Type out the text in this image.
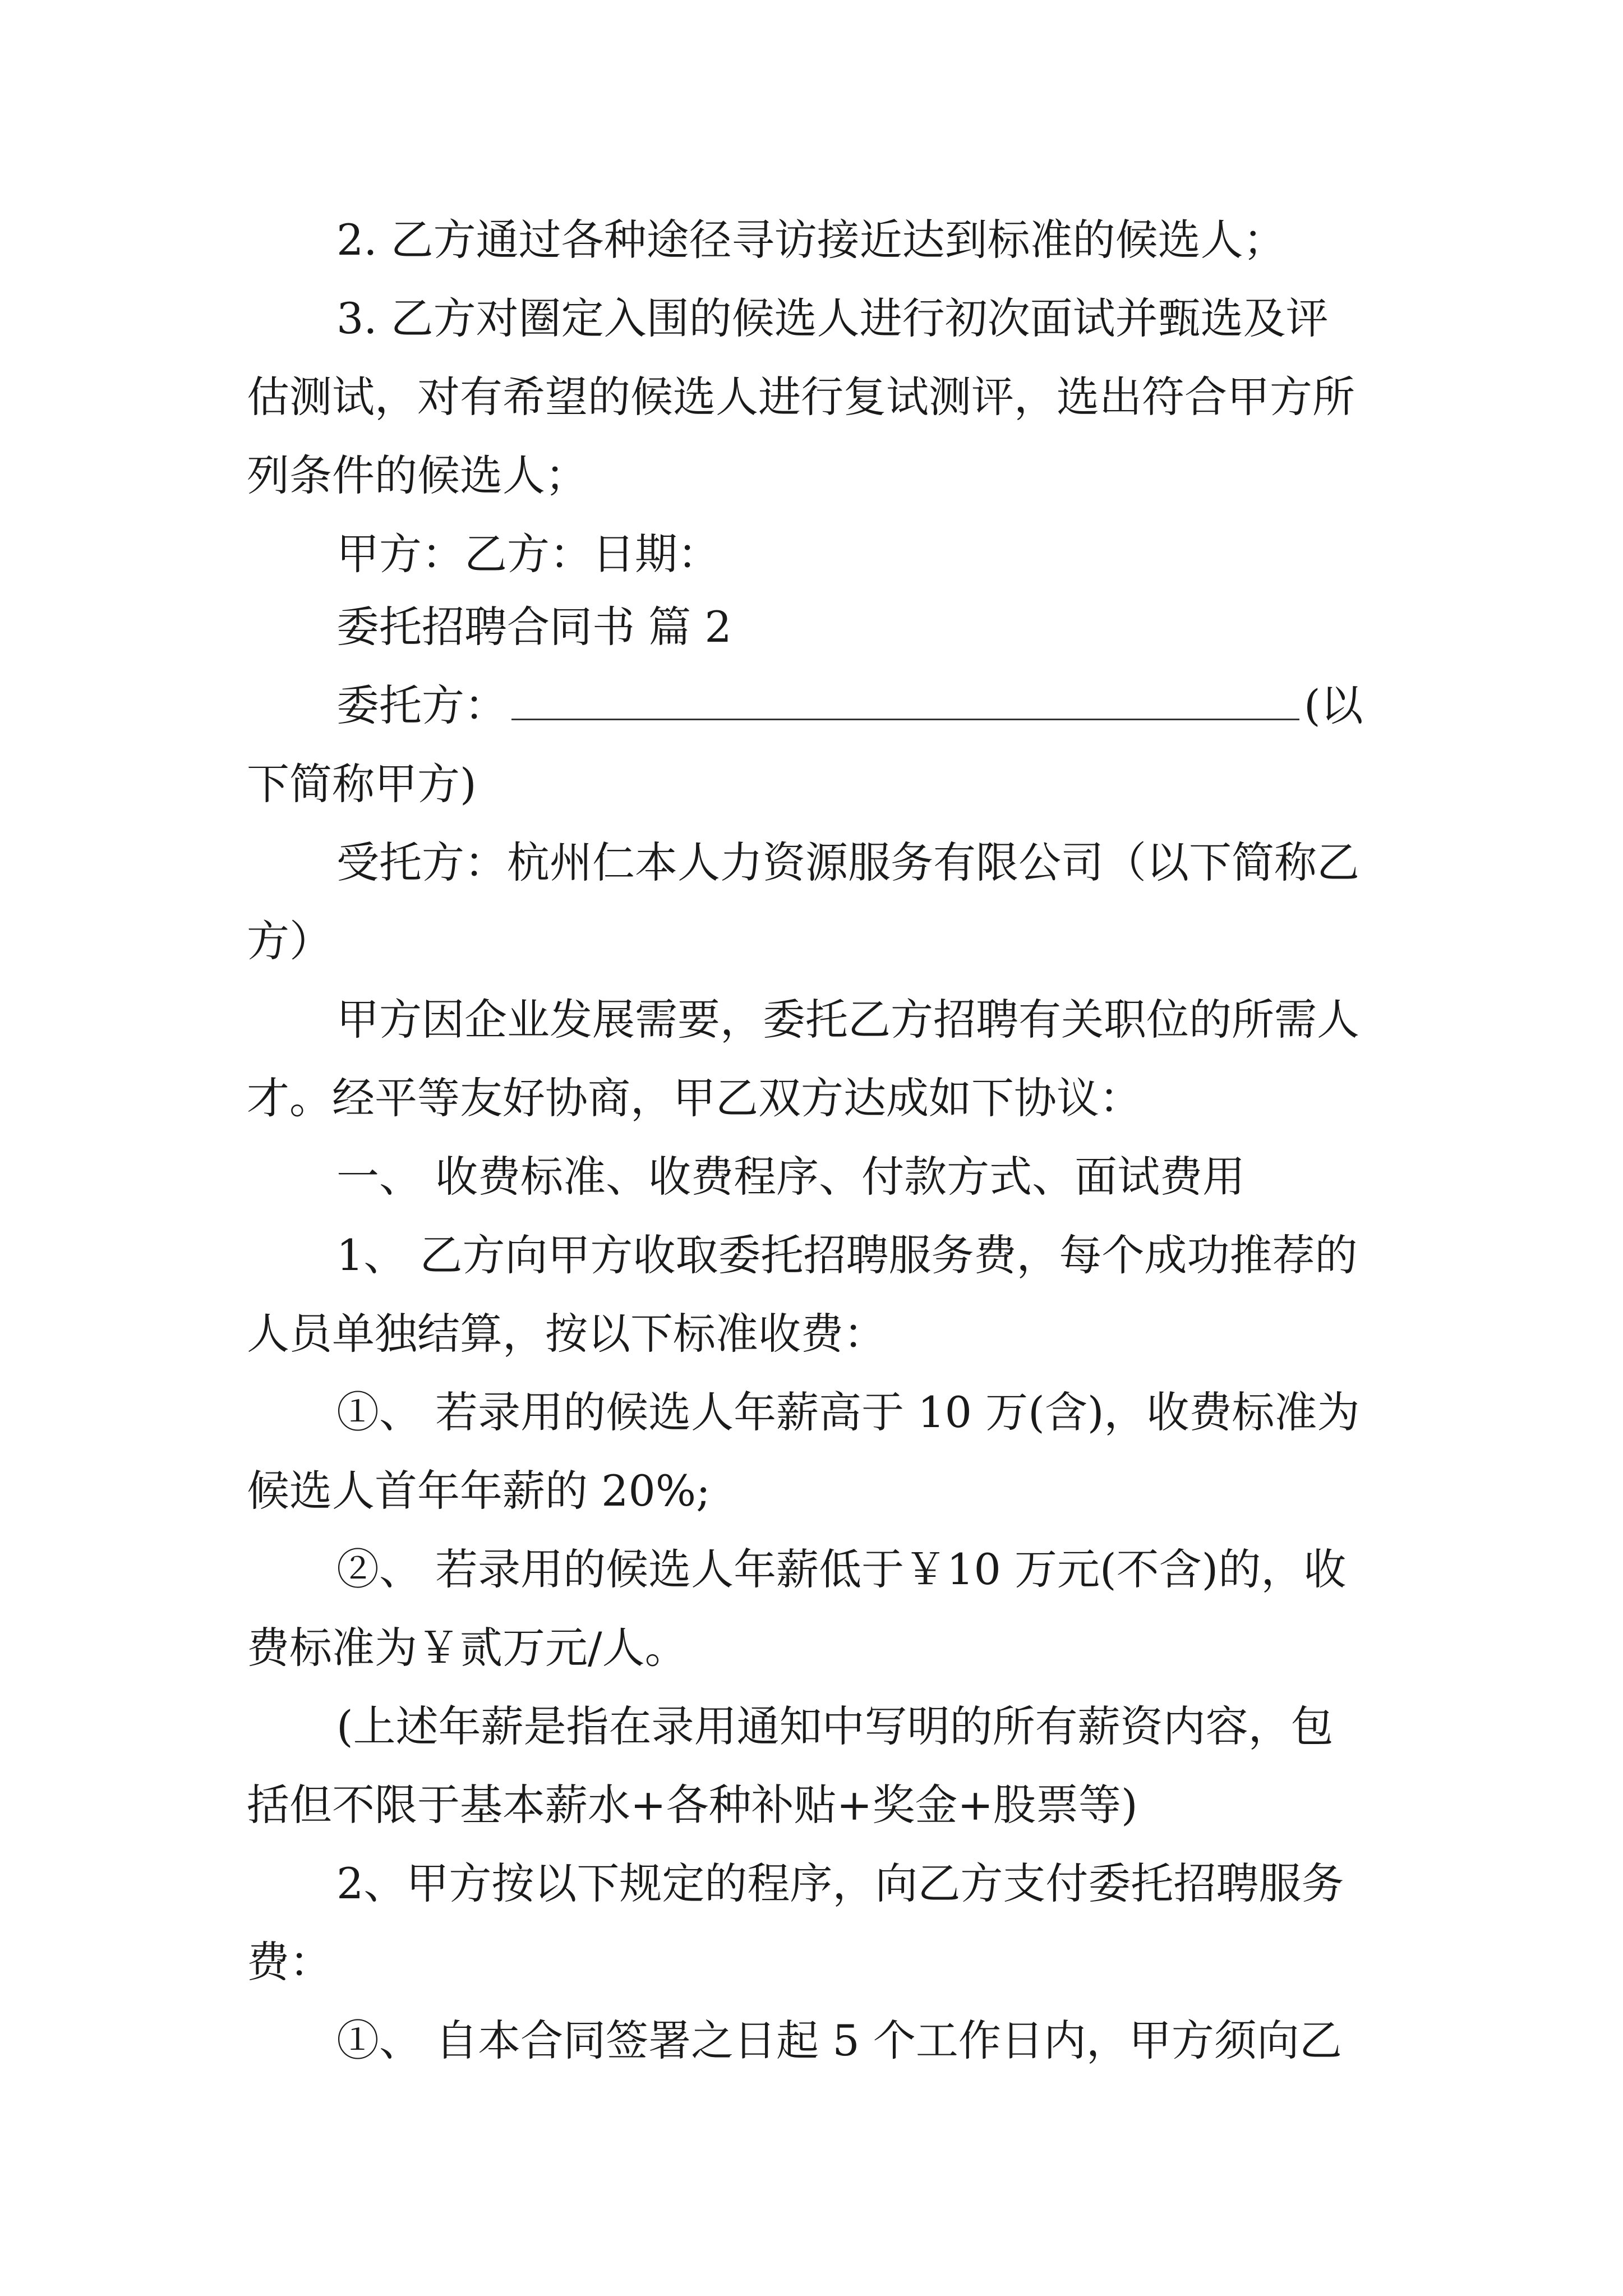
2. 乙方通过各种途径寻访接近达到标准的候选人；
3. 乙方对圈定入围的候选人进行初次面试并甄选及评
估测试，对有希望的候选人进行复试测评，选出符合甲方所
列条件的候选人；
甲方：乙方：日期：
委托招聘合同书 篇 2
委托方：	(以
下简称甲方)
受托方：杭州仁本人力资源服务有限公司（以下简称乙
方）
甲方因企业发展需要，委托乙方招聘有关职位的所需人
才。经平等友好协商，甲乙双方达成如下协议：
一、 收费标准、收费程序、付款方式、面试费用
1、 乙方向甲方收取委托招聘服务费，每个成功推荐的
人员单独结算，按以下标准收费：
①、 若录用的候选人年薪高于 10 万(含)，收费标准为
候选人首年年薪的 20%;
②、 若录用的候选人年薪低于￥10 万元(不含)的，收
费标准为￥贰万元/人。
(上述年薪是指在录用通知中写明的所有薪资内容，包
括但不限于基本薪水+各种补贴+奖金+股票等)
2、甲方按以下规定的程序，向乙方支付委托招聘服务
费：
①、 自本合同签署之日起 5 个工作日内，甲方须向乙
